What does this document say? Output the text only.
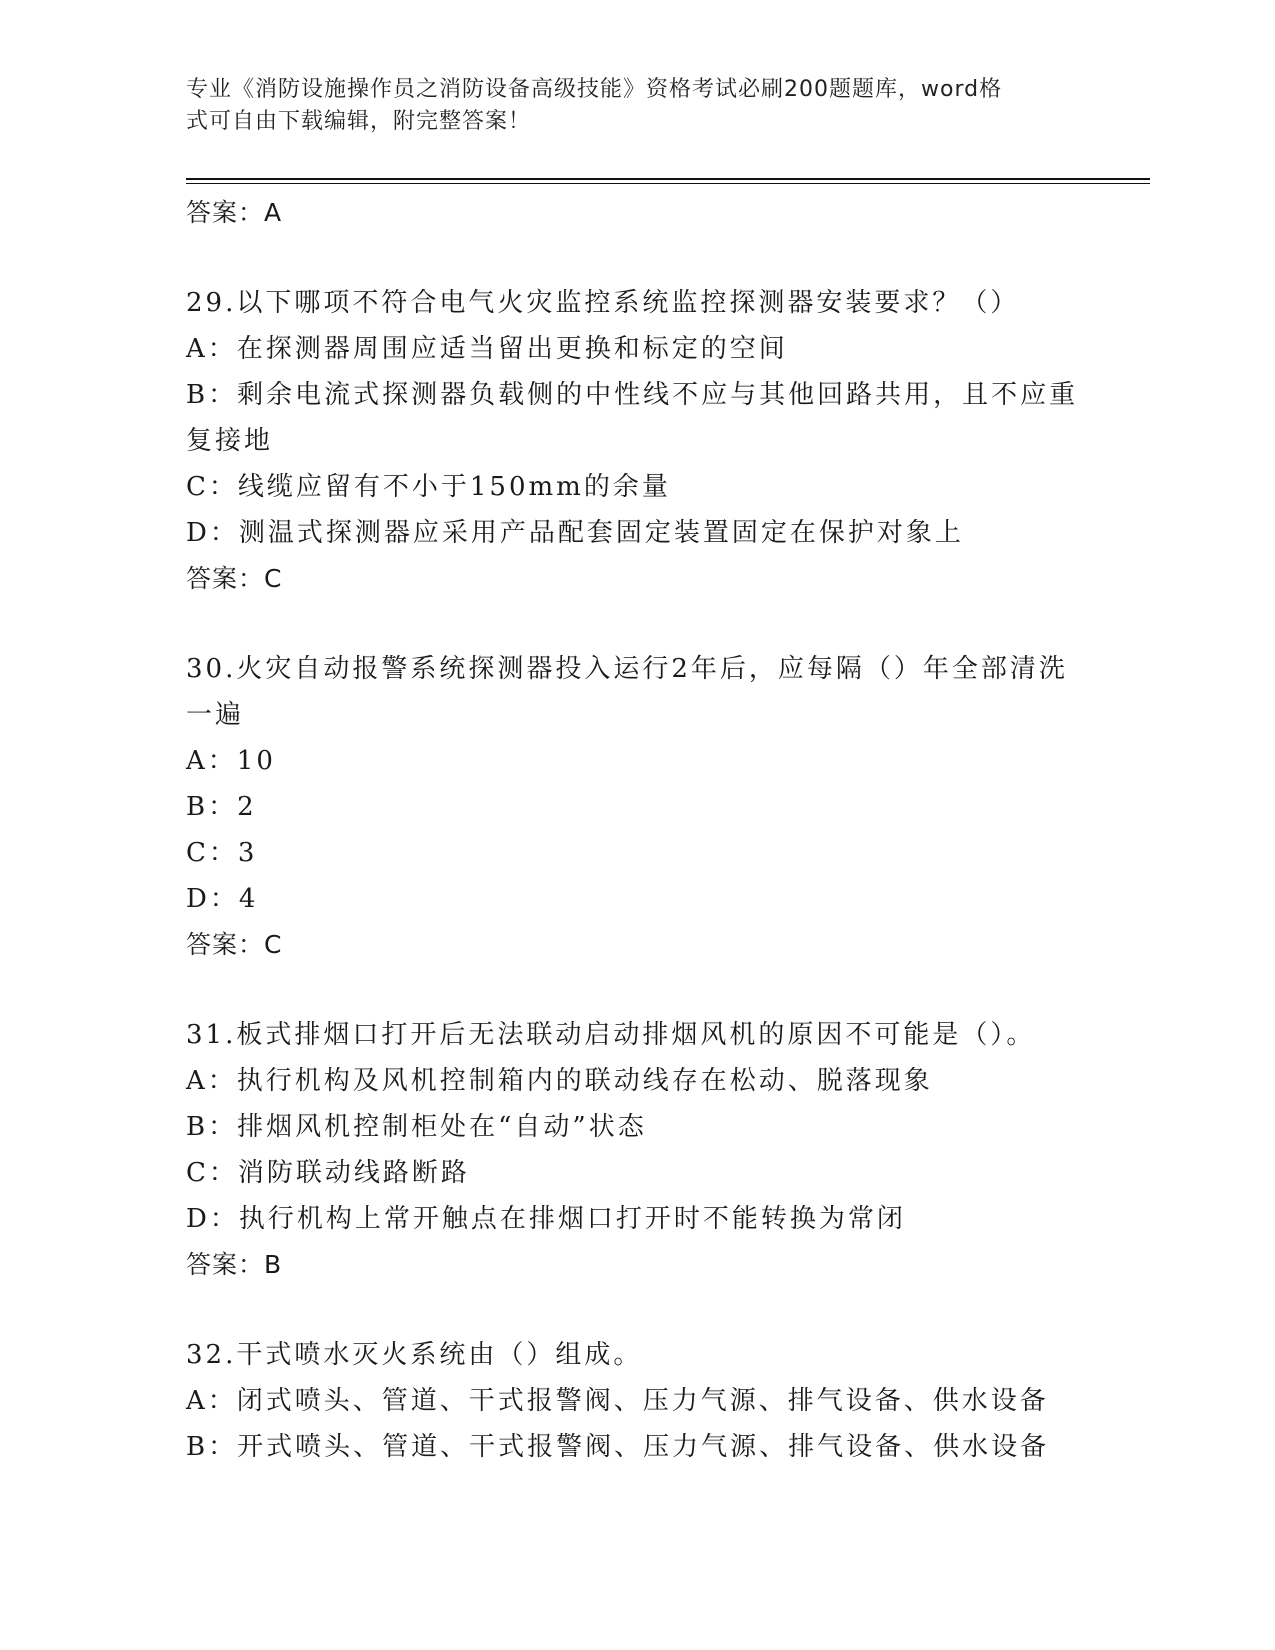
专业《消防设施操作员之消防设备高级技能》资格考试必刷200题题库，word格
式可自由下载编辑，附完整答案！
答案：A
29.以下哪项不符合电气火灾监控系统监控探测器安装要求？（）
A：在探测器周围应适当留出更换和标定的空间
B：剩余电流式探测器负载侧的中性线不应与其他回路共用，且不应重
复接地
C：线缆应留有不小于150mm的余量
D：测温式探测器应采用产品配套固定装置固定在保护对象上
答案：C
30.火灾自动报警系统探测器投入运行2年后，应每隔（）年全部清洗
一遍
A：10
B：2
C：3
D：4
答案：C
31.板式排烟口打开后无法联动启动排烟风机的原因不可能是（）。
A：执行机构及风机控制箱内的联动线存在松动、脱落现象
B：排烟风机控制柜处在“自动”状态
C：消防联动线路断路
D：执行机构上常开触点在排烟口打开时不能转换为常闭
答案：B
32.干式喷水灭火系统由（）组成。
A：闭式喷头、管道、干式报警阀、压力气源、排气设备、供水设备
B：开式喷头、管道、干式报警阀、压力气源、排气设备、供水设备
